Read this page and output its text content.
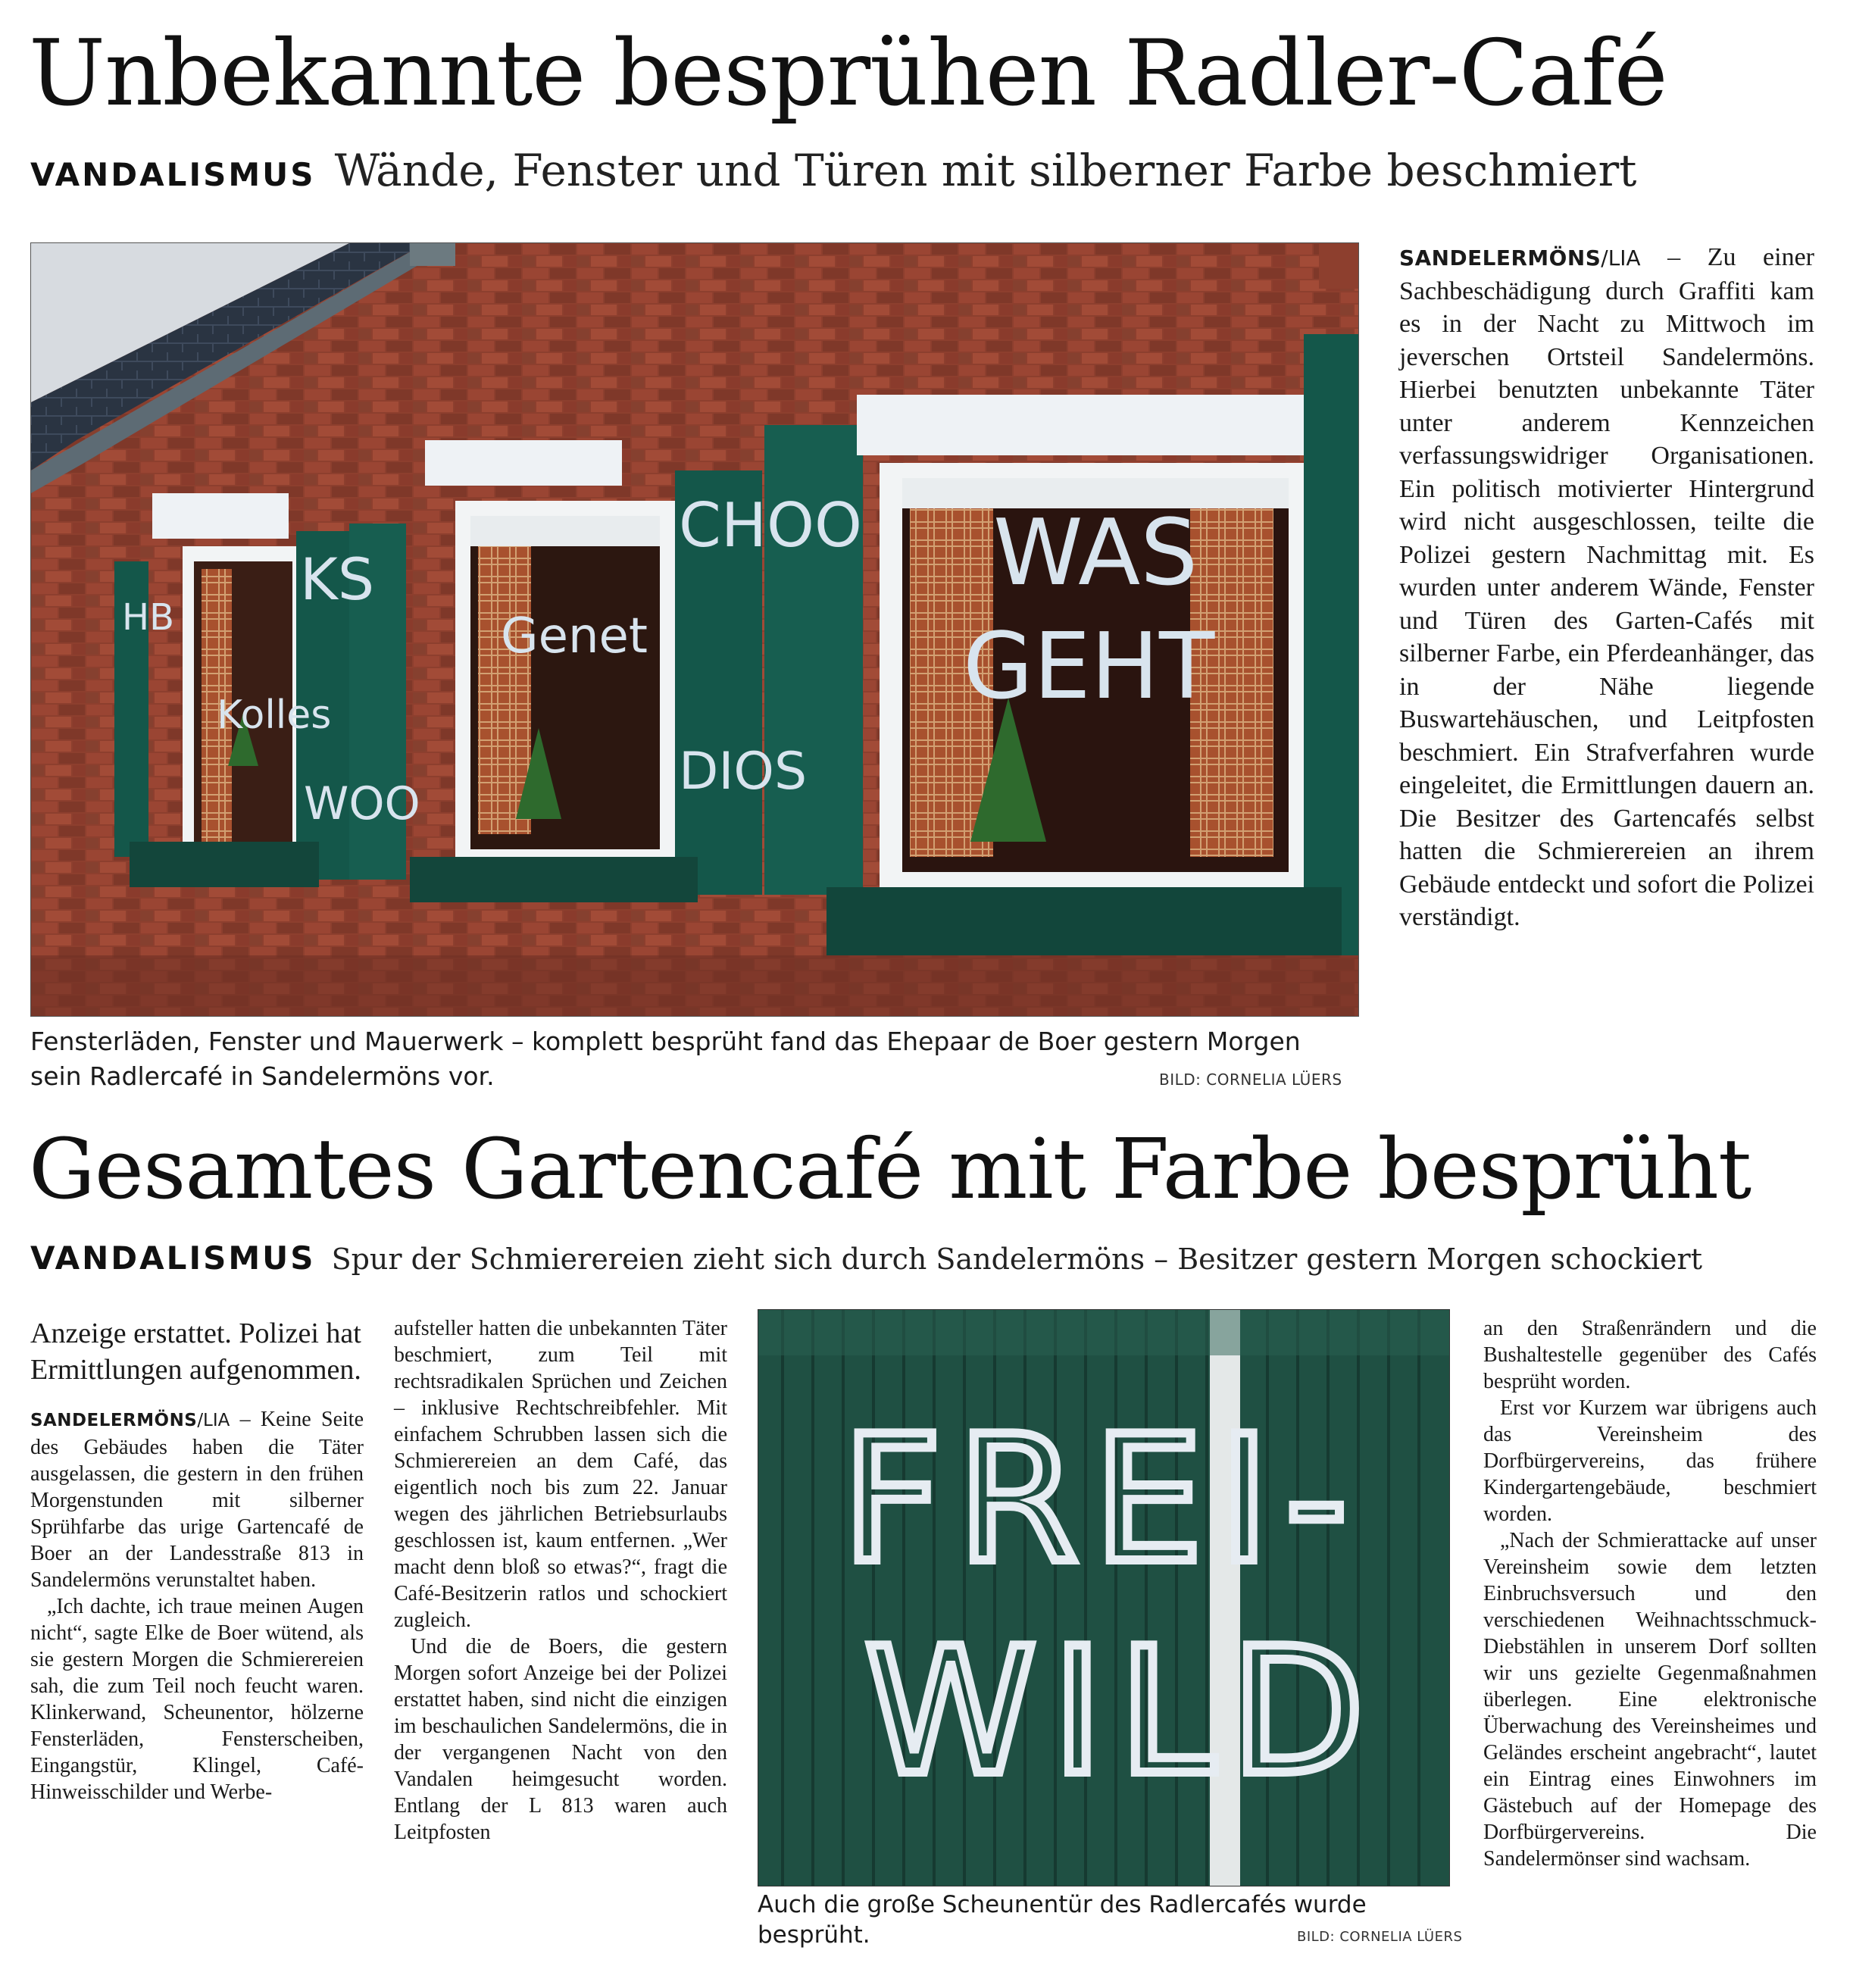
Unbekannte besprühen Radler-Café
VANDALISMUS Wände, Fenster und Türen mit silberner Farbe beschmiert
HB
KS
CHOO WAS
GEHT
Genet
Kolles
DIOS
WOO
Fensterläden, Fenster und Mauerwerk – komplett besprüht fand das Ehepaar de Boer gestern Morgen sein Radlercafé in Sandelermöns vor.	BILD: CORNELIA LÜERS
SANDELERMÖNS/LIA – Zu einer Sachbeschädigung durch Graffiti kam es in der Nacht zu Mittwoch im jeverschen Ortsteil Sandelermöns. Hierbei benutzten unbekannte Täter unter anderem Kennzeichen verfassungswidriger Organisationen. Ein politisch motivierter Hintergrund wird nicht ausgeschlossen, teilte die Polizei gestern Nachmittag mit. Es wurden unter anderem Wände, Fenster und Türen des Garten-Cafés mit silberner Farbe, ein Pferdeanhänger, das in der Nähe liegende Buswartehäuschen, und Leitpfosten beschmiert. Ein Strafverfahren wurde eingeleitet, die Ermittlungen dauern an. Die Besitzer des Gartencafés selbst hatten die Schmierereien an ihrem Gebäude entdeckt und sofort die Polizei verständigt.
Gesamtes Gartencafé mit Farbe besprüht
VANDALISMUS Spur der Schmierereien zieht sich durch Sandelermöns – Besitzer gestern Morgen schockiert
Anzeige erstattet. Polizei hat Ermittlungen aufgenommen.

SANDELERMÖNS/LIA – Keine Seite des Gebäudes haben die Täter ausgelassen, die gestern in den frühen Morgenstunden mit silberner Sprühfarbe das urige Gartencafé de Boer an der Landesstraße 813 in Sandelermöns verunstaltet haben.

„Ich dachte, ich traue meinen Augen nicht“, sagte Elke de Boer wütend, als sie gestern Morgen die Schmierereien sah, die zum Teil noch feucht waren. Klinkerwand, Scheunentor, hölzerne Fensterläden, Fensterscheiben, Eingangstür, Klingel, Café-Hinweisschilder und Werbe-

aufsteller hatten die unbekannten Täter beschmiert, zum Teil mit rechtsradikalen Sprüchen und Zeichen – inklusive Rechtschreibfehler. Mit einfachem Schrubben lassen sich die Schmierereien an dem Café, das eigentlich noch bis zum 22. Januar wegen des jährlichen Betriebsurlaubs geschlossen ist, kaum entfernen. „Wer macht denn bloß so etwas?“, fragt die Café-Besitzerin ratlos und schockiert zugleich.

Und die de Boers, die gestern Morgen sofort Anzeige bei der Polizei erstattet haben, sind nicht die einzigen im beschaulichen Sandelermöns, die in der vergangenen Nacht von den Vandalen heimgesucht worden. Entlang der L 813 waren auch Leitpfosten

FREI-
WILD
Auch die große Scheunentür des Radlercafés wurde besprüht.	BILD: CORNELIA LÜERS

an den Straßenrändern und die Bushaltestelle gegenüber des Cafés besprüht worden.

Erst vor Kurzem war übrigens auch das Vereinsheim des Dorfbürgervereins, das frühere Kindergartengebäude, beschmiert worden.

„Nach der Schmierattacke auf unser Vereinsheim sowie dem letzten Einbruchsversuch und den verschiedenen Weihnachtsschmuck-Diebstählen in unserem Dorf sollten wir uns gezielte Gegenmaßnahmen überlegen. Eine elektronische Überwachung des Vereinsheimes und Geländes erscheint angebracht“, lautet ein Eintrag eines Einwohners im Gästebuch auf der Homepage des Dorfbürgervereins. Die Sandelermönser sind wachsam.
